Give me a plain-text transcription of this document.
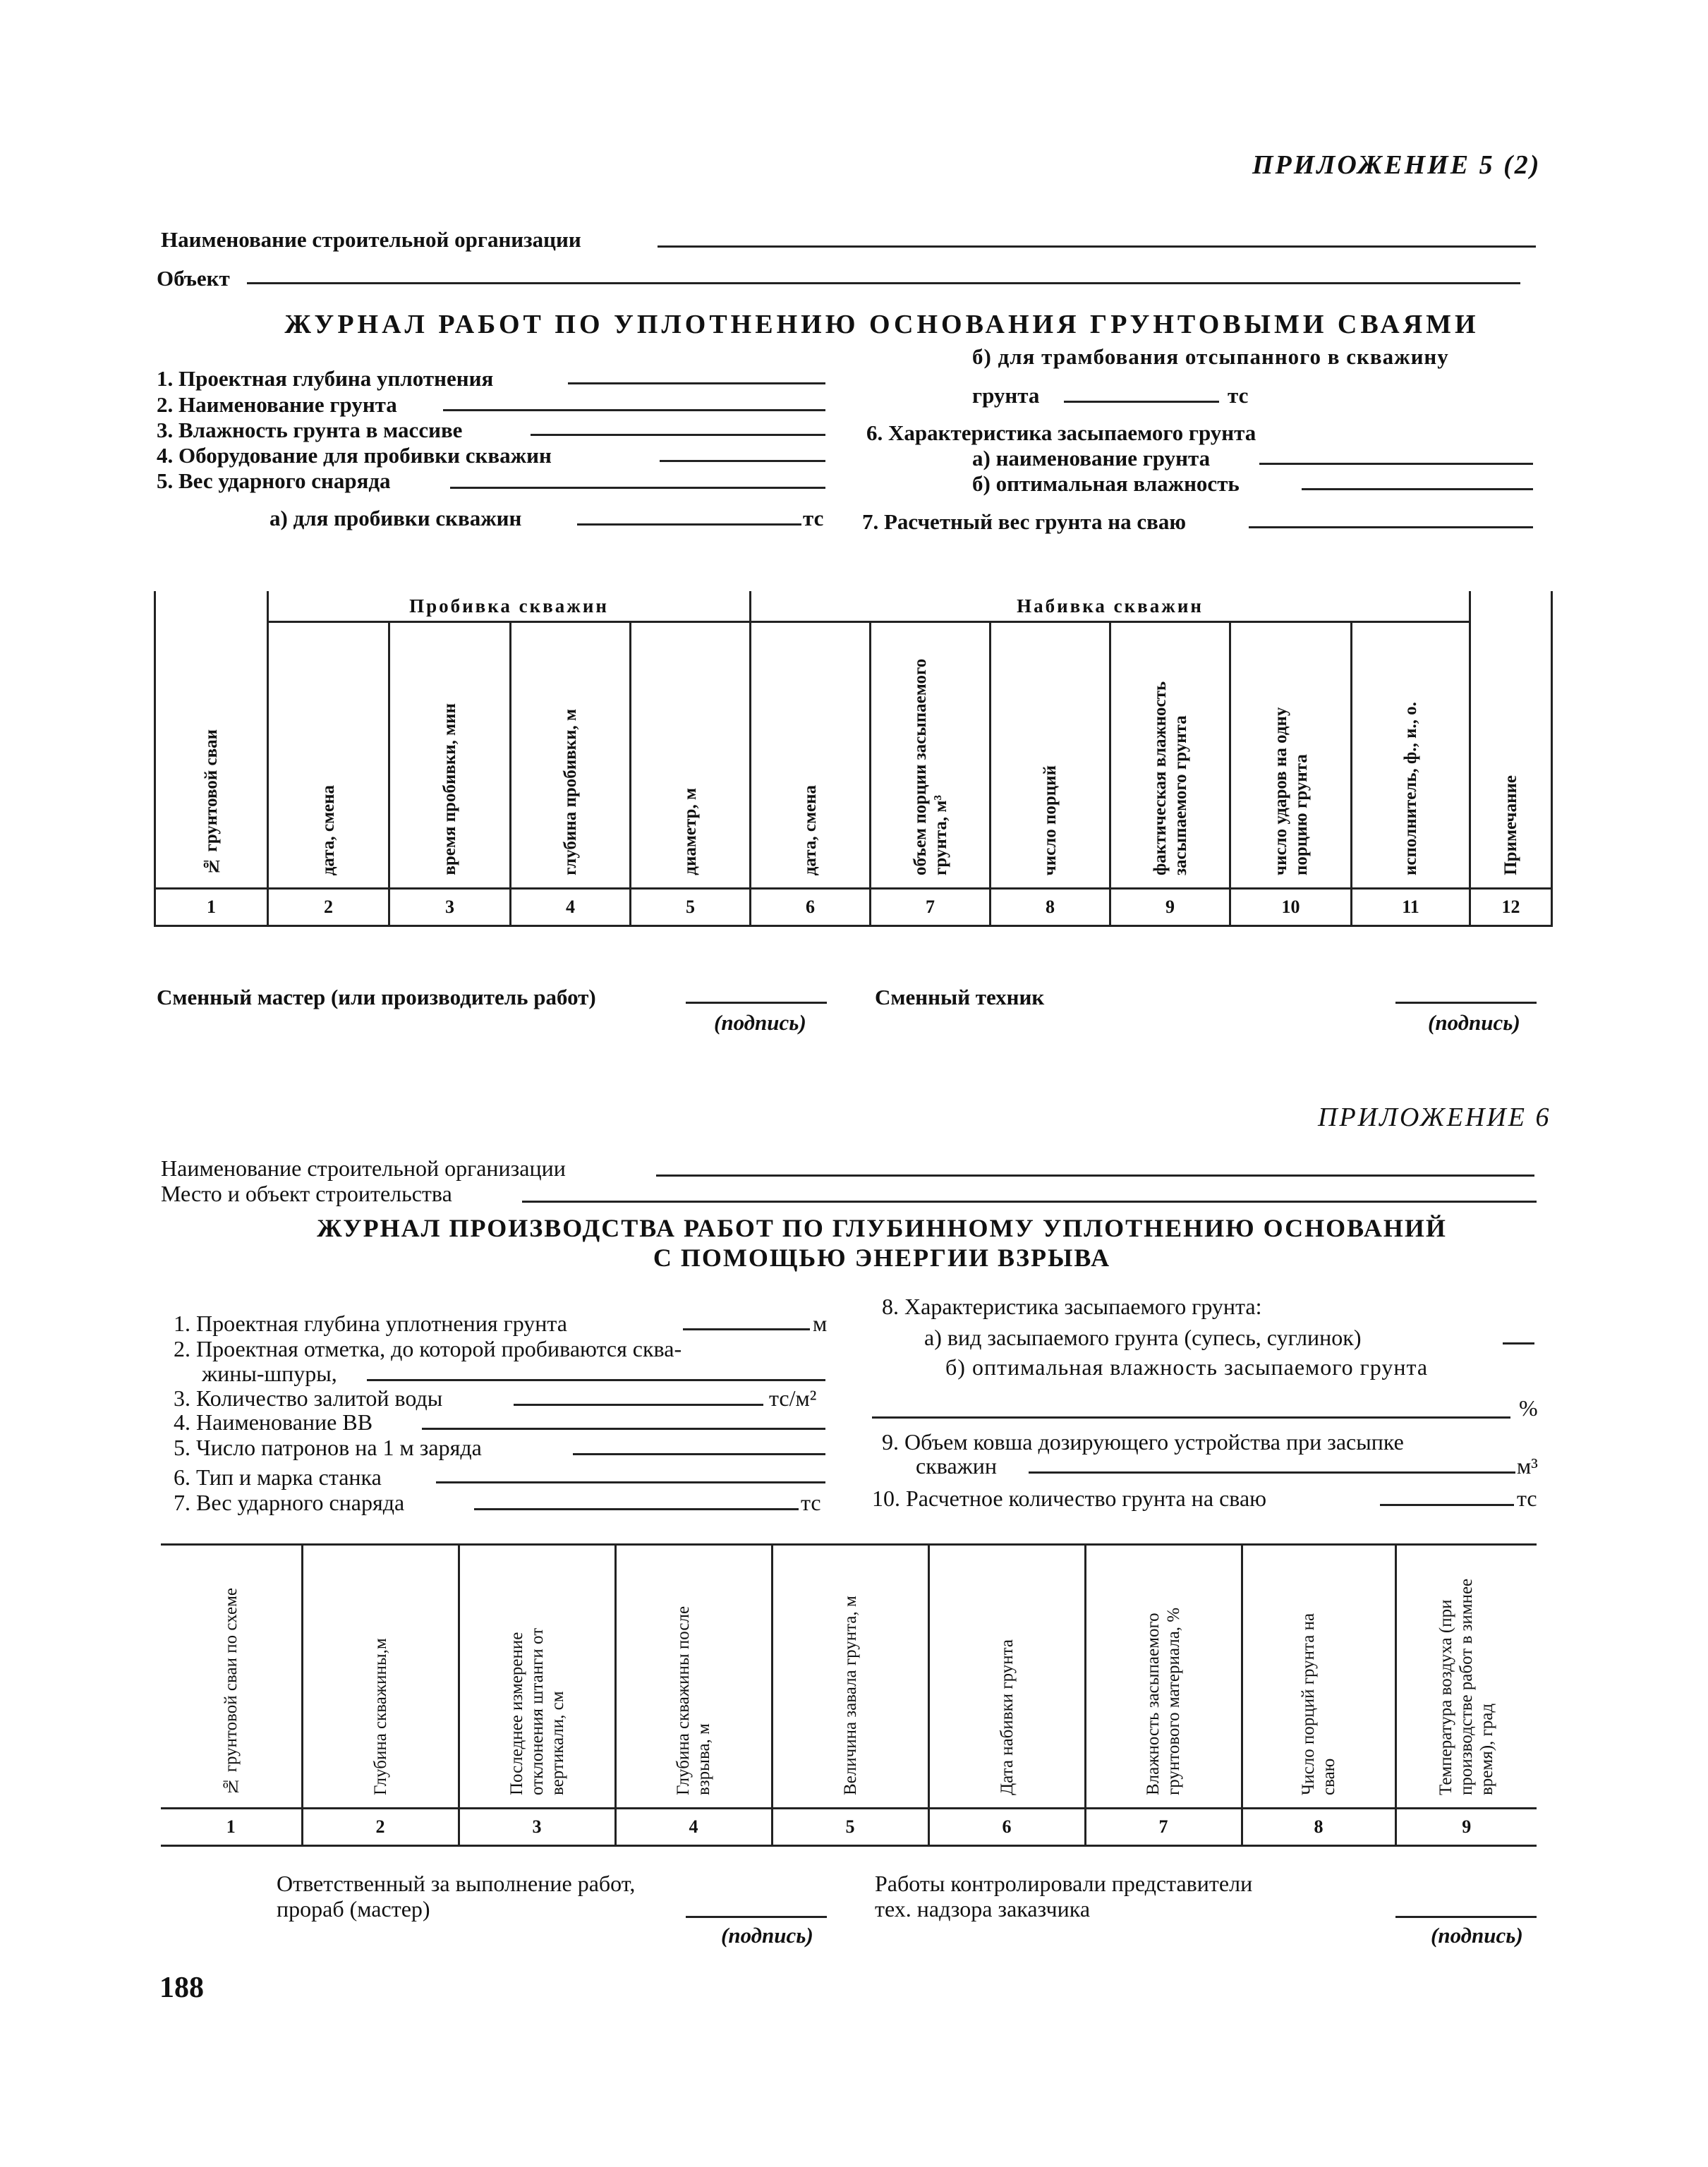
ПРИЛОЖЕНИЕ 5 (2)
Наименование строительной организации
Объект
ЖУРНАЛ РАБОТ ПО УПЛОТНЕНИЮ ОСНОВАНИЯ ГРУНТОВЫМИ СВАЯМИ
1. Проектная глубина уплотнения
2. Наименование грунта
3. Влажность грунта в массиве
4. Оборудование для пробивки скважин
5. Вес ударного снаряда
а) для пробивки скважин	тс
б) для трамбования отсыпанного в скважину
грунта	тс
6. Характеристика засыпаемого грунта
а) наименование грунта
б) оптимальная влажность
7. Расчетный вес грунта на сваю
№ грунтовой сваи	Пробивка скважин				Набивка скважин						Примечание
	дата, смена	время пробивки, мин	глубина пробивки, м	диаметр, м	дата, смена	объем порции засыпаемого грунта, м³	число порций	фактическая влажность засыпаемого грунта	число ударов на одну порцию грунта	исполнитель, ф., и., о.	
1	2	3	4	5	6	7	8	9	10	11	12
Сменный мастер (или производитель работ)
(подпись)
Сменный техник
(подпись)
ПРИЛОЖЕНИЕ 6
Наименование строительной организации
Место и объект строительства
ЖУРНАЛ ПРОИЗВОДСТВА РАБОТ ПО ГЛУБИННОМУ УПЛОТНЕНИЮ ОСНОВАНИЙ
С ПОМОЩЬЮ ЭНЕРГИИ ВЗРЫВА
1. Проектная глубина уплотнения грунта	м
2. Проектная отметка, до которой пробиваются сква-
жины-шпуры,
3. Количество залитой воды	тс/м²
4. Наименование ВВ
5. Число патронов на 1 м заряда
6. Тип и марка станка
7. Вес ударного снаряда	тс
8. Характеристика засыпаемого грунта:
а) вид засыпаемого грунта (супесь, суглинок)
б) оптимальная влажность засыпаемого грунта
%
9. Объем ковша дозирующего устройства при засыпке
скважин	м³
10. Расчетное количество грунта на сваю	тс
№ грунтовой сваи по схеме	Глубина скважины,м	Последнее измерение отклонения штанги от вертикали, см	Глубина скважины после взрыва, м	Величина завала грунта, м	Дата набивки грунта	Влажность засыпаемого грунтового материала, %	Число порций грунта на сваю	Температура воздуха (при производстве работ в зимнее время), град
1	2	3	4	5	6	7	8	9
Ответственный за выполнение работ,
прораб (мастер)
(подпись)
Работы контролировали представители
тех. надзора заказчика
(подпись)
188
